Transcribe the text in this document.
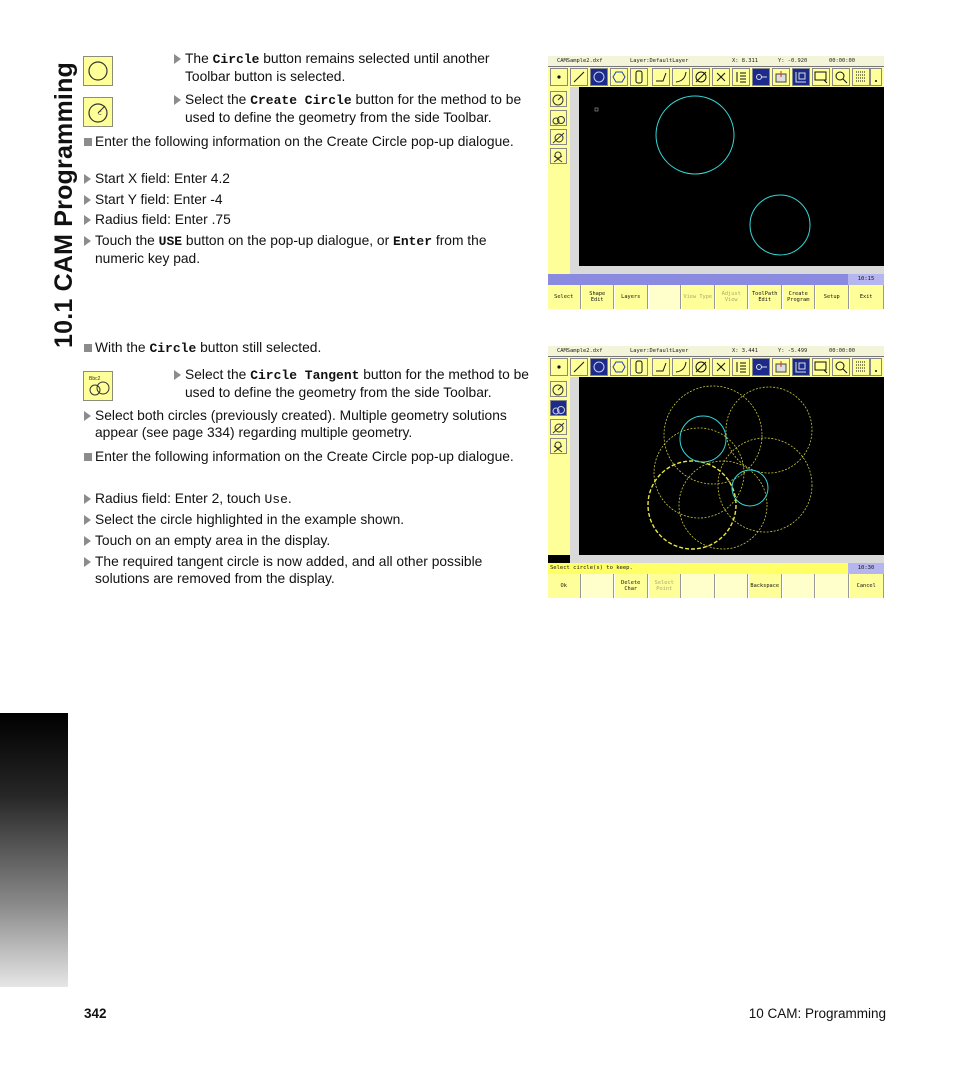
10.1 CAM Programming	C
The Circle button remains selected until another Toolbar button is selected.
Select the Create Circle button for the method to be used to define the geometry from the side Toolbar.
Enter the following information on the Create Circle pop-up dialogue.
Start X field: Enter 4.2
Start Y field: Enter -4
Radius field: Enter .75
Touch the USE button on the pop-up dialogue, or Enter from the numeric key pad.
With the Circle button still selected.
Bbc2	Select the Circle Tangent button for the method to be used to define the geometry from the side Toolbar.
Select both circles (previously created). Multiple geometry solutions appear (see page 334) regarding multiple geometry.
Enter the following information on the Create Circle pop-up dialogue.
Radius field: Enter 2, touch Use.
Select the circle highlighted in the example shown.
Touch on an empty area in the display.
The required tangent circle is now added, and all other possible solutions are removed from the display.
CAMSample2.dxf	Layer:DefaultLayer	X: 8.311	Y: -0.920	00:00:00
10:15
Select
Shape Edit
Layers	View Type
Adjust View
ToolPath Edit
Create Program
Setup	Exit
CAMSample2.dxf	Layer:DefaultLayer	X: 3.441	Y: -5.499	00:00:00
Select circle(s) to keep.	10:30
Ok
Delete Char
Select Point
Backspace	Cancel
342	10 CAM: Programming
